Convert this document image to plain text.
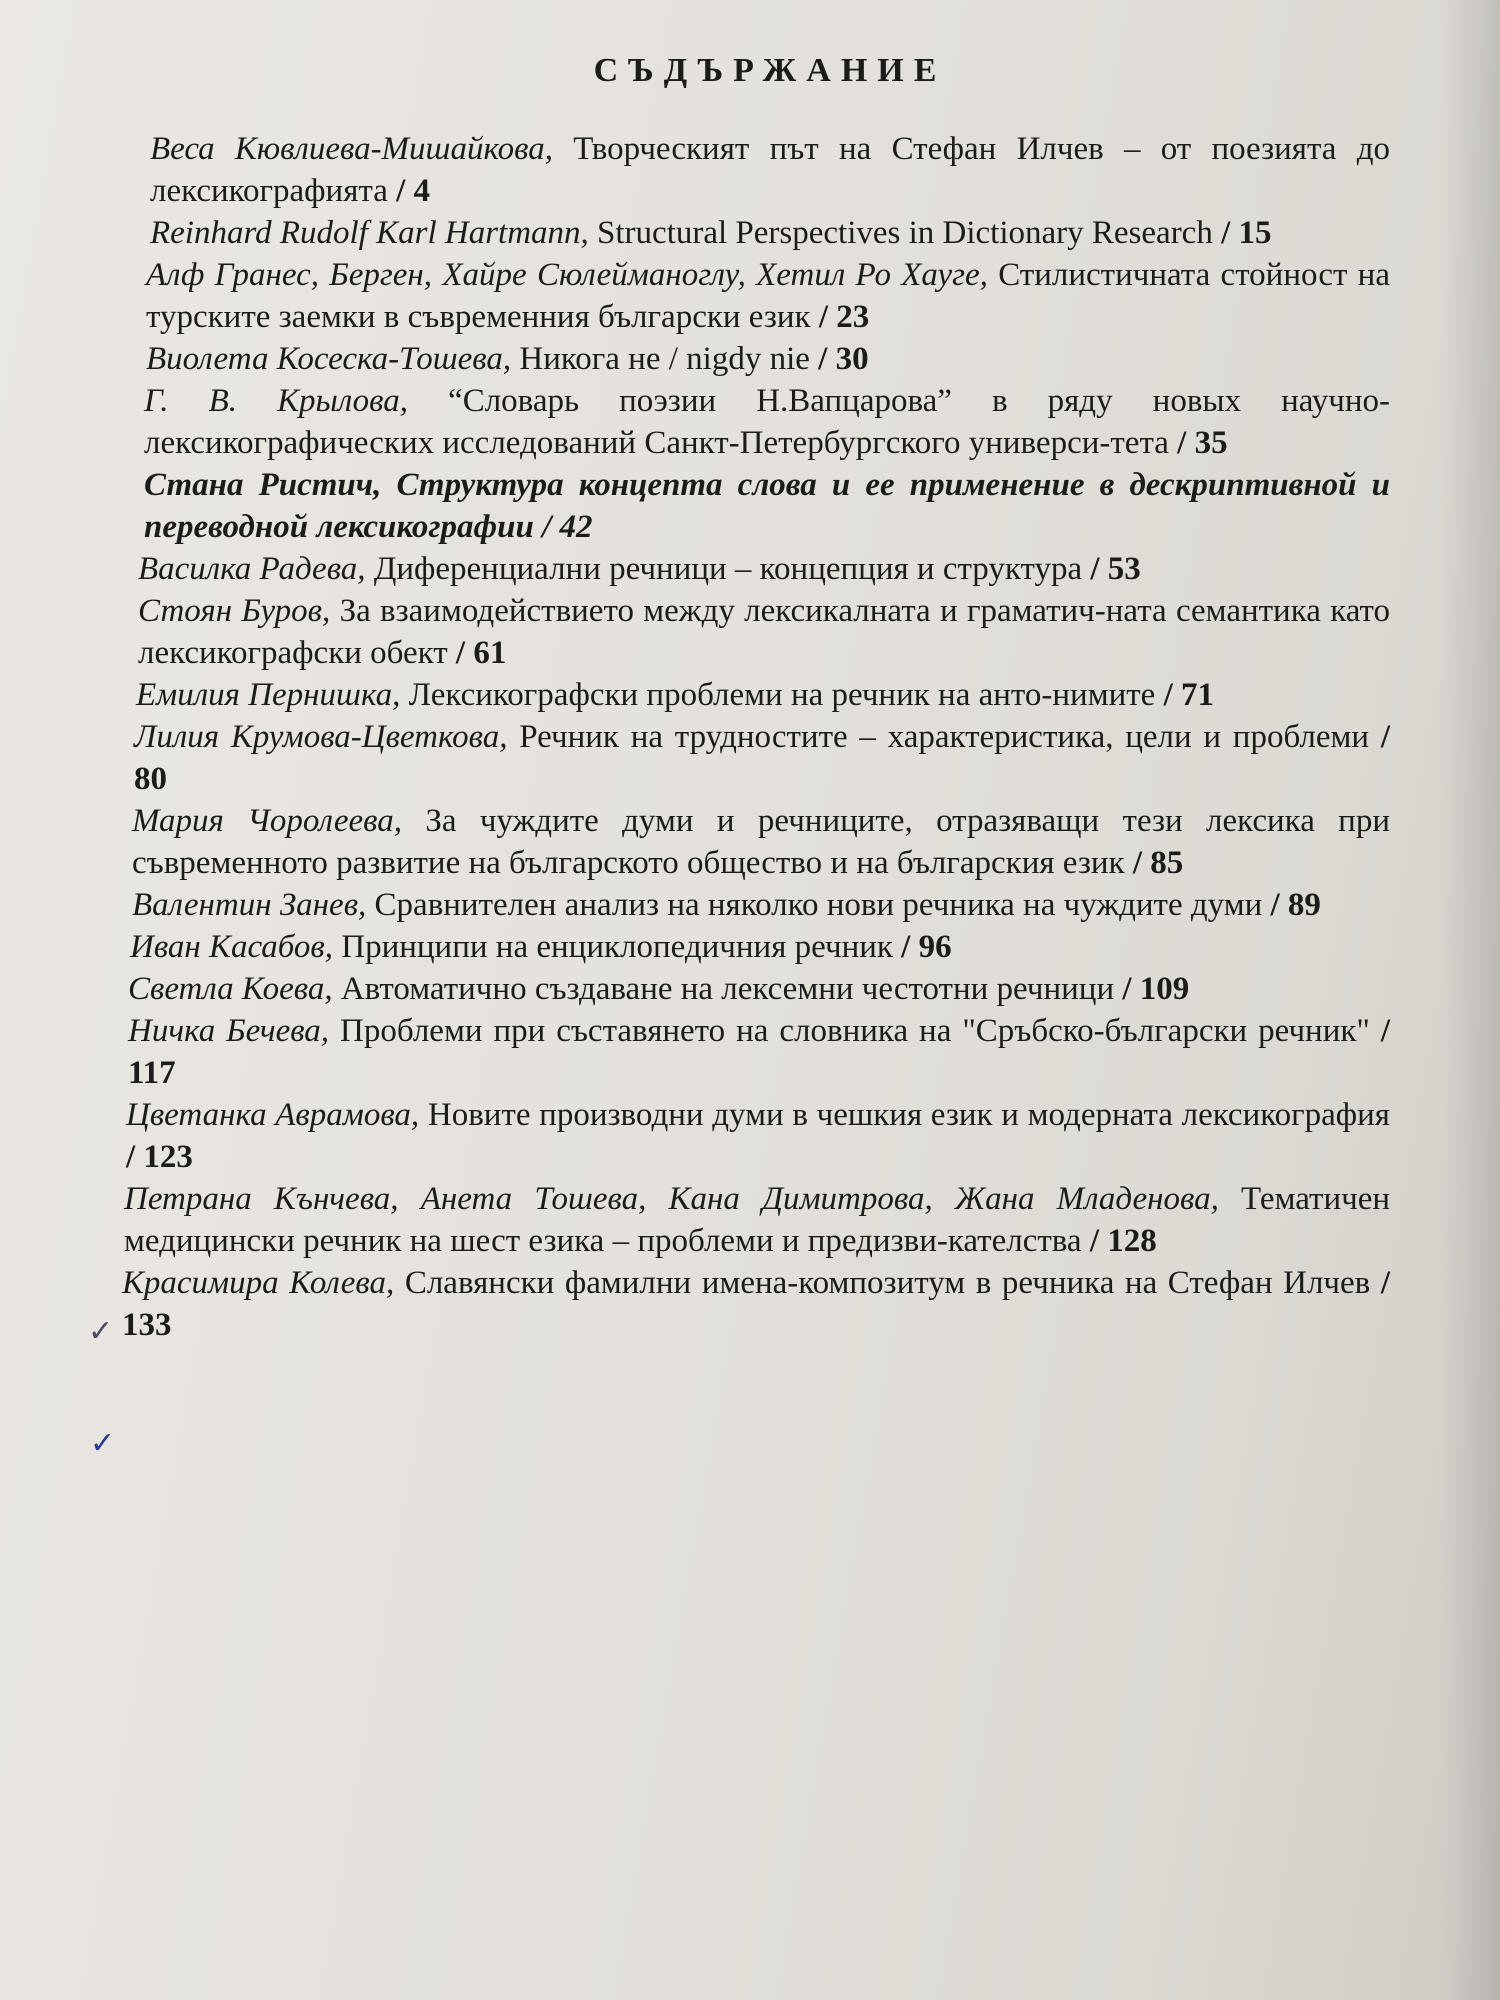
СЪДЪРЖАНИЕ
✓
✓

Веса Кювлиева-Мишайкова, Творческият път на Стефан Илчев – от поезията до лексикографията / 4

Reinhard Rudolf Karl Hartmann, Structural Perspectives in Dictionary Research / 15

Алф Гранес, Берген, Хайре Сюлейманоглу, Хетил Ро Хауге, Стилистичната стойност на турските заемки в съвременния български език / 23

Виолета Косеска-Тошева, Никога не / nigdy nie / 30

Г. В. Крылова, “Словарь поэзии Н.Вапцарова” в ряду новых научно-лексикографических исследований Санкт-Петербургского универси-тета / 35

Стана Ристич, Структура концепта слова и ее применение в дескриптивной и переводной лексикографии / 42

Василка Радева, Диференциални речници – концепция и структура / 53

Стоян Буров, За взаимодействието между лексикалната и граматич-ната семантика като лексикографски обект / 61

Емилия Пернишка, Лексикографски проблеми на речник на анто-нимите / 71

Лилия Крумова-Цветкова, Речник на трудностите – характеристика, цели и проблеми / 80

Мария Чоролеева, За чуждите думи и речниците, отразяващи тези лексика при съвременното развитие на българското общество и на българския език / 85

Валентин Занев, Сравнителен анализ на няколко нови речника на чуждите думи / 89

Иван Касабов, Принципи на енциклопедичния речник / 96

Светла Коева, Автоматично създаване на лексемни честотни речници / 109

Ничка Бечева, Проблеми при съставянето на словника на "Сръбско-български речник" / 117

Цветанка Аврамова, Новите производни думи в чешкия език и модерната лексикография / 123

Петрана Кънчева, Анета Тошева, Кана Димитрова, Жана Младенова, Тематичен медицински речник на шест езика – проблеми и предизви-кателства / 128

Красимира Колева, Славянски фамилни имена-композитум в речника на Стефан Илчев / 133
